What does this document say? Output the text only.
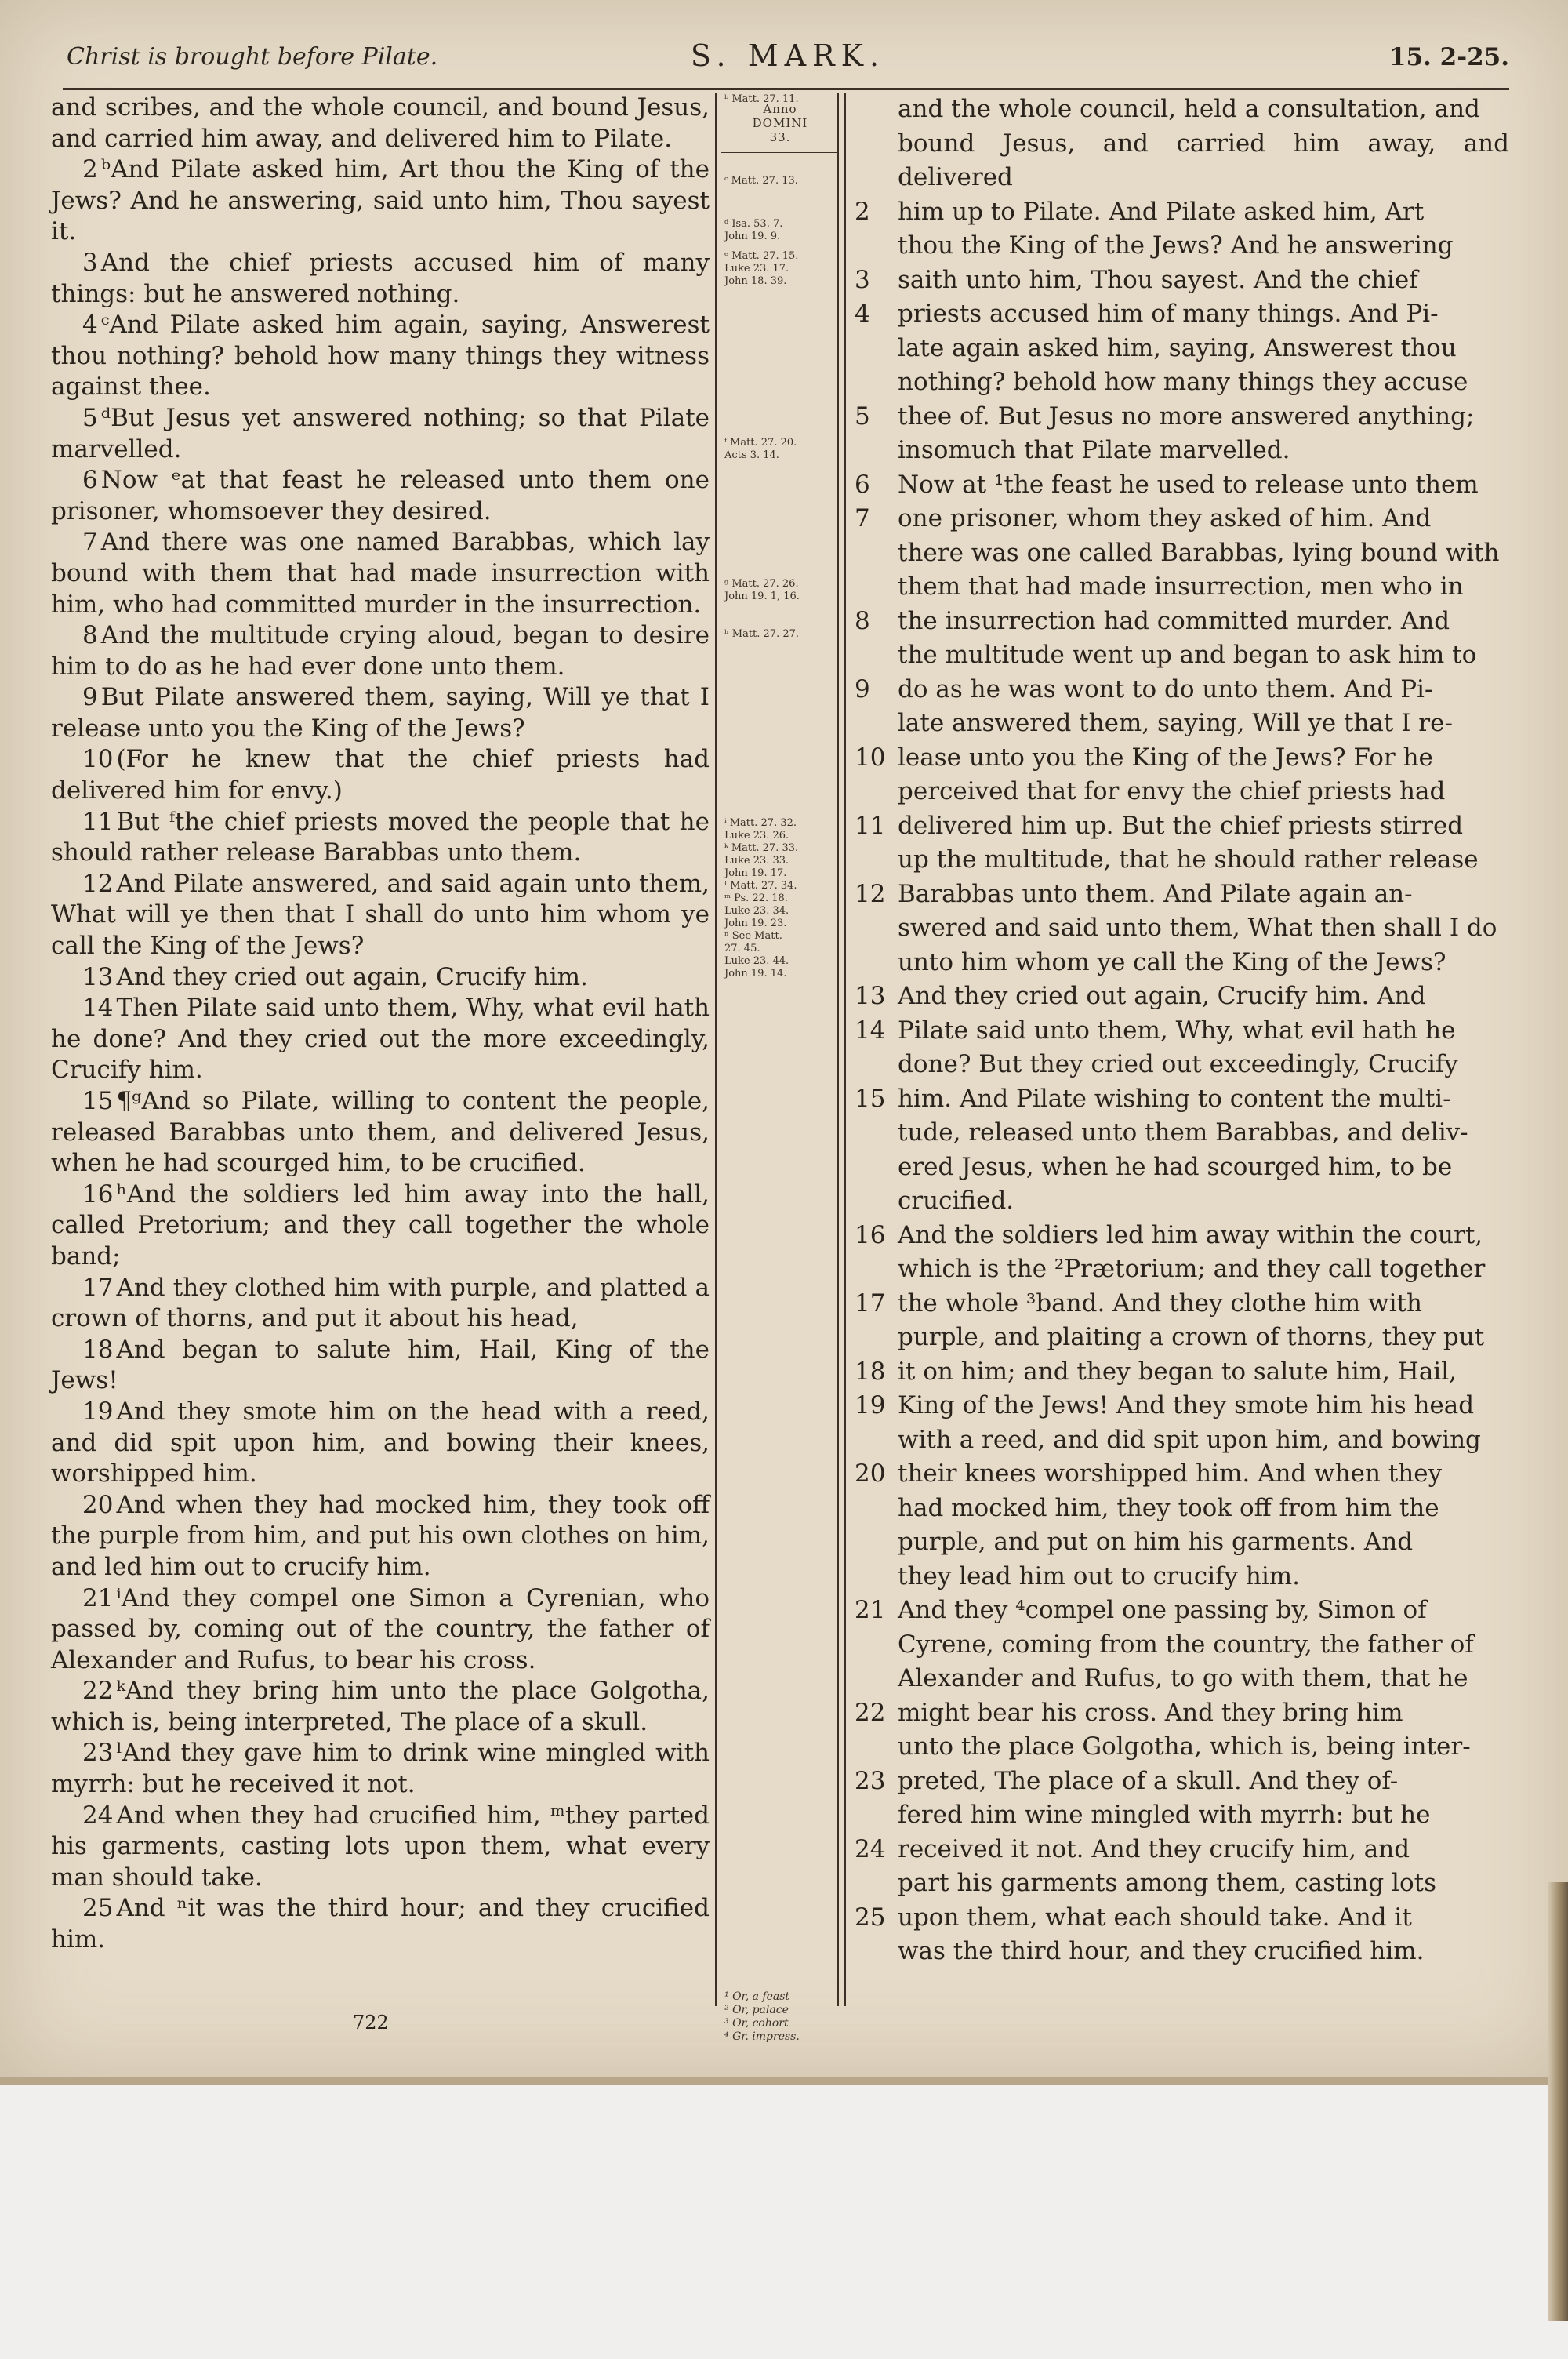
Christ is brought before Pilate.	S. MARK.	15. 2-25.

and scribes, and the whole council, and bound Jesus, and carried him away, and delivered him to Pilate.

2 ᵇAnd Pilate asked him, Art thou the King of the Jews? And he answering, said unto him, Thou sayest it.

3 And the chief priests accused him of many things: but he answered nothing.

4 ᶜAnd Pilate asked him again, saying, Answerest thou nothing? behold how many things they witness against thee.

5 ᵈBut Jesus yet answered nothing; so that Pilate marvelled.

6 Now ᵉat that feast he released unto them one prisoner, whomsoever they desired.

7 And there was one named Barabbas, which lay bound with them that had made insurrection with him, who had committed murder in the insurrection.

8 And the multitude crying aloud, began to desire him to do as he had ever done unto them.

9 But Pilate answered them, saying, Will ye that I release unto you the King of the Jews?

10 (For he knew that the chief priests had delivered him for envy.)

11 But ᶠthe chief priests moved the people that he should rather release Barabbas unto them.

12 And Pilate answered, and said again unto them, What will ye then that I shall do unto him whom ye call the King of the Jews?

13 And they cried out again, Crucify him.

14 Then Pilate said unto them, Why, what evil hath he done? And they cried out the more exceedingly, Crucify him.

15 ¶ᵍAnd so Pilate, willing to content the people, released Barabbas unto them, and delivered Jesus, when he had scourged him, to be crucified.

16 ʰAnd the soldiers led him away into the hall, called Pretorium; and they call together the whole band;

17 And they clothed him with purple, and platted a crown of thorns, and put it about his head,

18 And began to salute him, Hail, King of the Jews!

19 And they smote him on the head with a reed, and did spit upon him, and bowing their knees, worshipped him.

20 And when they had mocked him, they took off the purple from him, and put his own clothes on him, and led him out to crucify him.

21 ⁱAnd they compel one Simon a Cyrenian, who passed by, coming out of the country, the father of Alexander and Rufus, to bear his cross.

22 ᵏAnd they bring him unto the place Golgotha, which is, being interpreted, The place of a skull.

23 ˡAnd they gave him to drink wine mingled with myrrh: but he received it not.

24 And when they had crucified him, ᵐthey parted his garments, casting lots upon them, what every man should take.

25 And ⁿit was the third hour; and they crucified him.

Anno
DOMINI
33.
¹ Or, a feast
² Or, palace
³ Or, cohort
⁴ Gr. impress.
ᵇ Matt. 27. 11.
ᶜ Matt. 27. 13.
ᵈ Isa. 53. 7.
John 19. 9.
ᵉ Matt. 27. 15.
Luke 23. 17.
John 18. 39.
ᶠ Matt. 27. 20.
Acts 3. 14.
ᵍ Matt. 27. 26.
John 19. 1, 16.
ʰ Matt. 27. 27.
ⁱ Matt. 27. 32.
Luke 23. 26.
ᵏ Matt. 27. 33.
Luke 23. 33.
John 19. 17.
ˡ Matt. 27. 34.
ᵐ Ps. 22. 18.
Luke 23. 34.
John 19. 23.
ⁿ See Matt.
27. 45.
Luke 23. 44.
John 19. 14.

and the whole council, held a consultation, and

bound Jesus, and carried him away, and delivered

2 him up to Pilate. And Pilate asked him, Art

thou the King of the Jews? And he answering

3 saith unto him, Thou sayest. And the chief

4 priests accused him of many things. And Pi-

late again asked him, saying, Answerest thou

nothing? behold how many things they accuse

5 thee of. But Jesus no more answered anything;

insomuch that Pilate marvelled.

6 Now at ¹the feast he used to release unto them

7 one prisoner, whom they asked of him. And

there was one called Barabbas, lying bound with

them that had made insurrection, men who in

8 the insurrection had committed murder. And

the multitude went up and began to ask him to

9 do as he was wont to do unto them. And Pi-

late answered them, saying, Will ye that I re-

10 lease unto you the King of the Jews? For he

perceived that for envy the chief priests had

11 delivered him up. But the chief priests stirred

up the multitude, that he should rather release

12 Barabbas unto them. And Pilate again an-

swered and said unto them, What then shall I do

unto him whom ye call the King of the Jews?

13 And they cried out again, Crucify him. And

14 Pilate said unto them, Why, what evil hath he

done? But they cried out exceedingly, Crucify

15 him. And Pilate wishing to content the multi-

tude, released unto them Barabbas, and deliv-

ered Jesus, when he had scourged him, to be

crucified.

16 And the soldiers led him away within the court,

which is the ²Prætorium; and they call together

17 the whole ³band. And they clothe him with

purple, and plaiting a crown of thorns, they put

18 it on him; and they began to salute him, Hail,

19 King of the Jews! And they smote him his head

with a reed, and did spit upon him, and bowing

20 their knees worshipped him. And when they

had mocked him, they took off from him the

purple, and put on him his garments. And

they lead him out to crucify him.

21 And they ⁴compel one passing by, Simon of

Cyrene, coming from the country, the father of

Alexander and Rufus, to go with them, that he

22 might bear his cross. And they bring him

unto the place Golgotha, which is, being inter-

23 preted, The place of a skull. And they of-

fered him wine mingled with myrrh: but he

24 received it not. And they crucify him, and

part his garments among them, casting lots

25 upon them, what each should take. And it

was the third hour, and they crucified him.

722
